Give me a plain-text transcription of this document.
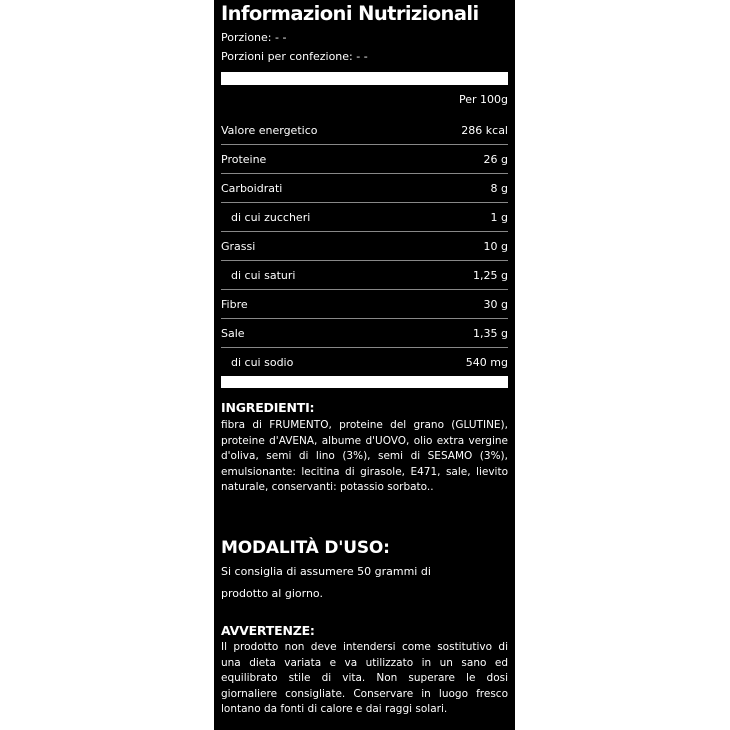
Informazioni Nutrizionali
Porzione: - -
Porzioni per confezione: - -
Per 100g
Valore energetico	286 kcal
Proteine	26 g
Carboidrati	8 g
di cui zuccheri	1 g
Grassi	10 g
di cui saturi	1,25 g
Fibre	30 g
Sale	1,35 g
di cui sodio	540 mg
INGREDIENTI:
fibra di FRUMENTO, proteine del grano (GLUTINE), proteine d'AVENA, albume d'UOVO, olio extra vergine d'oliva, semi di lino (3%), semi di SESAMO (3%), emulsionante: lecitina di girasole, E471, sale, lievito naturale, conservanti: potassio sorbato..
MODALITÀ D'USO:
Si consiglia di assumere 50 grammi di prodotto al giorno.
AVVERTENZE:
Il prodotto non deve intendersi come sostitutivo di una dieta variata e va utilizzato in un sano ed equilibrato stile di vita. Non superare le dosi giornaliere consigliate. Conservare in luogo fresco lontano da fonti di calore e dai raggi solari.
